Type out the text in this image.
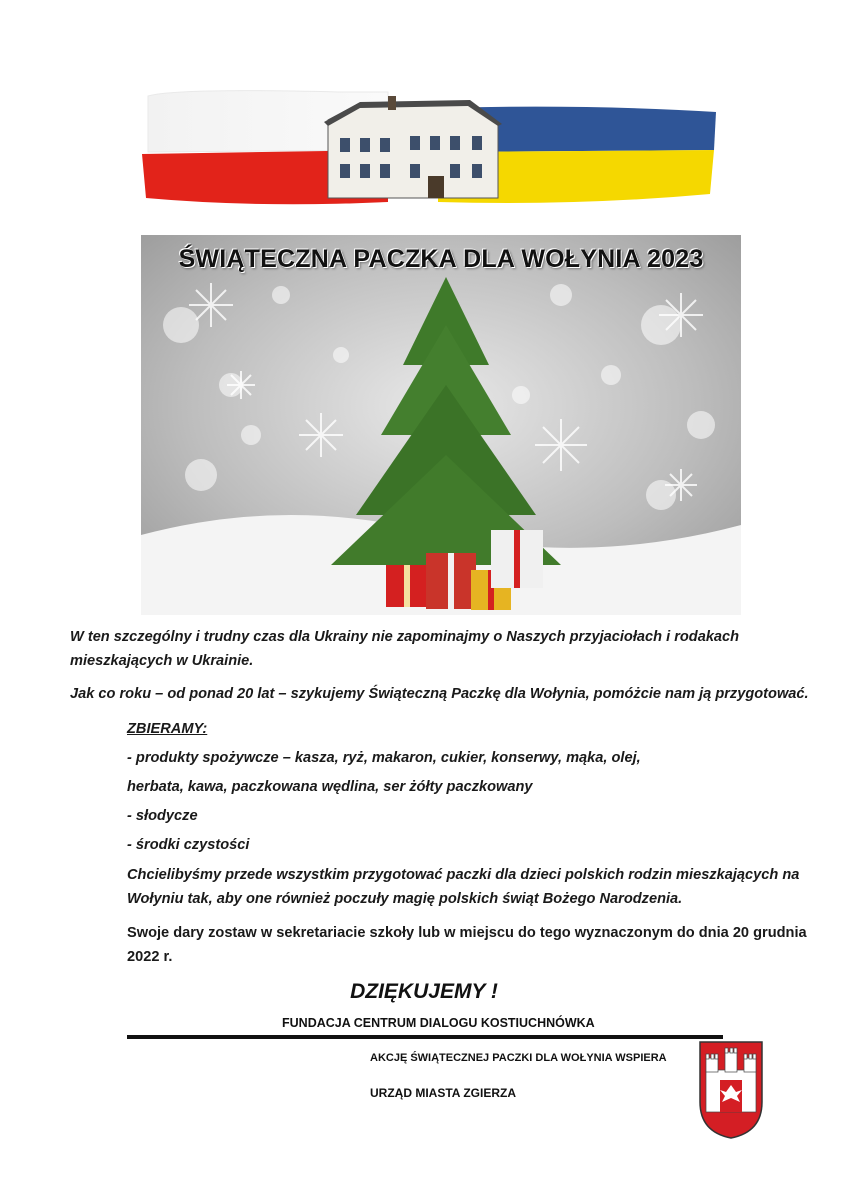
ŚWIĄTECZNA PACZKA DLA WOŁYNIA 2023
W ten szczególny i trudny czas dla Ukrainy nie zapominajmy o Naszych przyjaciołach i rodakach
mieszkających w Ukrainie.
Jak co roku – od ponad 20 lat – szykujemy Świąteczną Paczkę dla Wołynia, pomóżcie nam ją przygotować.
ZBIERAMY:
- produkty spożywcze – kasza, ryż, makaron, cukier, konserwy, mąka, olej,
herbata, kawa, paczkowana wędlina, ser żółty paczkowany
- słodycze
- środki czystości
Chcielibyśmy przede wszystkim przygotować paczki dla dzieci polskich rodzin mieszkających na
Wołyniu tak, aby one również poczuły magię polskich świąt Bożego Narodzenia.
Swoje dary zostaw w sekretariacie szkoły lub w miejscu do tego wyznaczonym do dnia 20 grudnia
2022 r.
DZIĘKUJEMY !
FUNDACJA CENTRUM DIALOGU KOSTIUCHNÓWKA
AKCJĘ ŚWIĄTECZNEJ PACZKI DLA WOŁYNIA WSPIERA
URZĄD MIASTA ZGIERZA
